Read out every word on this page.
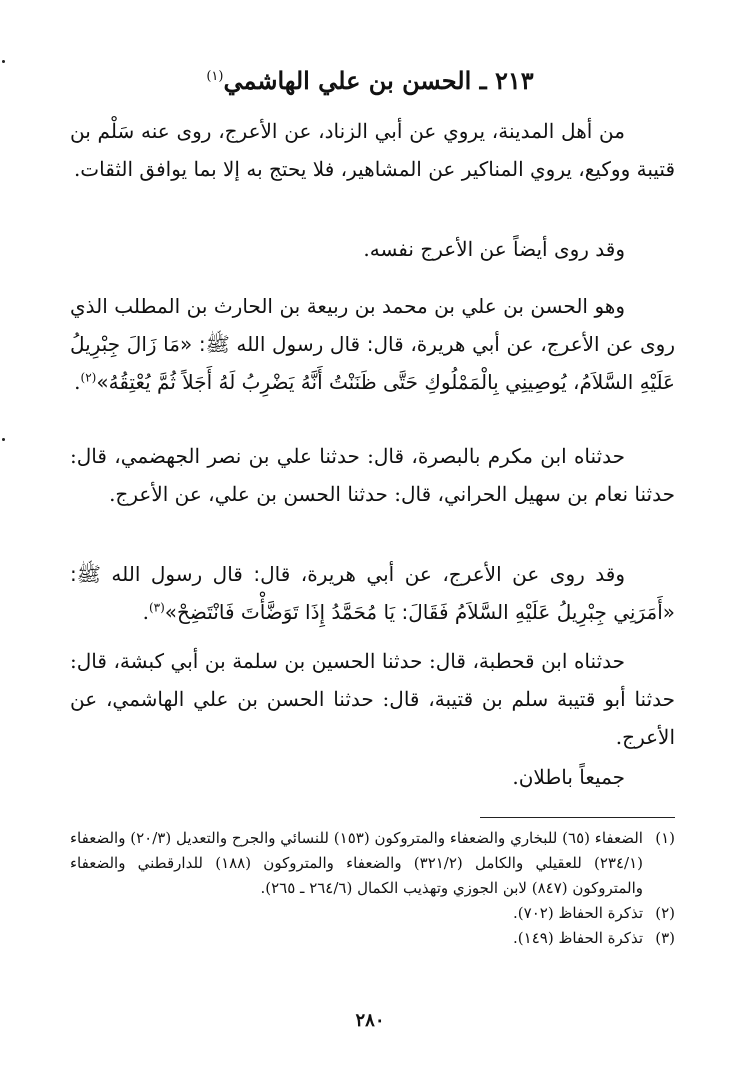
٢١٣ ـ الحسن بن علي الهاشمي$^{(١)}$

من أهل المدينة، يروي عن أبي الزناد، عن الأعرج، روى عنه سَلْم بن قتيبة ووكيع، يروي المناكير عن المشاهير، فلا يحتج به إلا بما يوافق الثقات.

وقد روى أيضاً عن الأعرج نفسه.

وهو الحسن بن علي بن محمد بن ربيعة بن الحارث بن المطلب الذي روى عن الأعرج، عن أبي هريرة، قال: قال رسول الله ﷺ: «مَا زَالَ جِبْرِيلُ عَلَيْهِ السَّلاَمُ، يُوصِينِي بِالْمَمْلُوكِ حَتَّى ظَنَنْتُ أَنَّهُ يَضْرِبُ لَهُ أَجَلاً ثُمَّ يُعْتِقُهُ»$^{(٢)}$.

حدثناه ابن مكرم بالبصرة، قال: حدثنا علي بن نصر الجهضمي، قال: حدثنا نعام بن سهيل الحراني، قال: حدثنا الحسن بن علي، عن الأعرج.

وقد روى عن الأعرج، عن أبي هريرة، قال: قال رسول الله ﷺ: «أَمَرَنِي جِبْرِيلُ عَلَيْهِ السَّلاَمُ فَقَالَ: يَا مُحَمَّدُ إِذَا تَوَضَّأْتَ فَانْتَضِحْ»$^{(٣)}$.

حدثناه ابن قحطبة، قال: حدثنا الحسين بن سلمة بن أبي كبشة، قال: حدثنا أبو قتيبة سلم بن قتيبة، قال: حدثنا الحسن بن علي الهاشمي، عن الأعرج.

جميعاً باطلان.

(١)
الضعفاء (٦٥) للبخاري والضعفاء والمتروكون (١٥٣) للنسائي والجرح والتعديل (٢٠/٣) والضعفاء (٢٣٤/١) للعقيلي والكامل (٣٢١/٢) والضعفاء والمتروكون (١٨٨) للدارقطني والضعفاء والمتروكون (٨٤٧) لابن الجوزي وتهذيب الكمال (٢٦٤/٦ ـ ٢٦٥).
(٢)
تذكرة الحفاظ (٧٠٢).
(٣)
تذكرة الحفاظ (١٤٩).
٢٨٠
